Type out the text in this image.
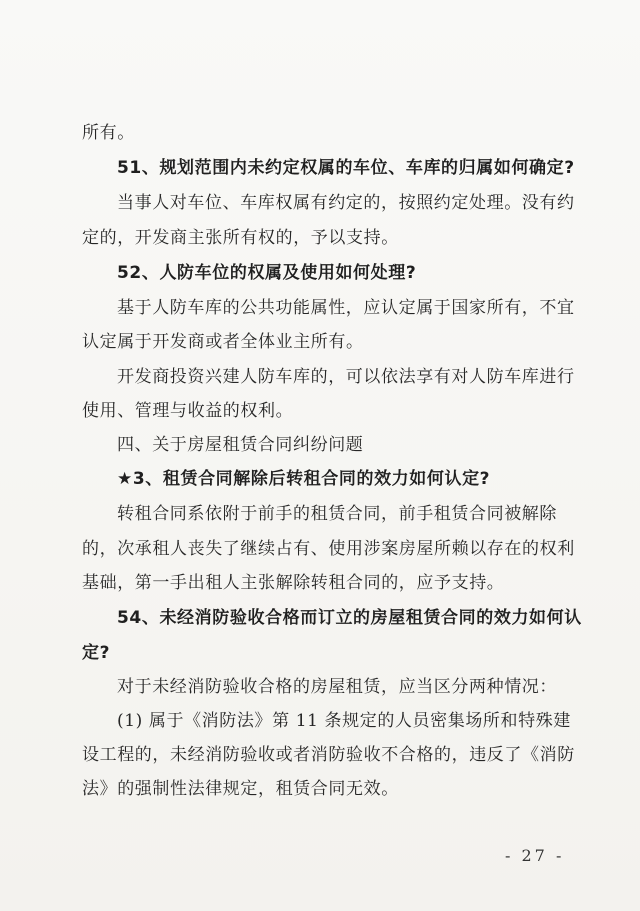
所有。
51、规划范围内未约定权属的车位、车库的归属如何确定?
当事人对车位、车库权属有约定的，按照约定处理。没有约
定的，开发商主张所有权的，予以支持。
52、人防车位的权属及使用如何处理?
基于人防车库的公共功能属性，应认定属于国家所有，不宜
认定属于开发商或者全体业主所有。
开发商投资兴建人防车库的，可以依法享有对人防车库进行
使用、管理与收益的权利。
四、关于房屋租赁合同纠纷问题
★3、租赁合同解除后转租合同的效力如何认定?
转租合同系依附于前手的租赁合同，前手租赁合同被解除
的，次承租人丧失了继续占有、使用涉案房屋所赖以存在的权利
基础，第一手出租人主张解除转租合同的，应予支持。
54、未经消防验收合格而订立的房屋租赁合同的效力如何认
定?
对于未经消防验收合格的房屋租赁，应当区分两种情况：
(1) 属于《消防法》第 11 条规定的人员密集场所和特殊建
设工程的，未经消防验收或者消防验收不合格的，违反了《消防
法》的强制性法律规定，租赁合同无效。
- 27 -
